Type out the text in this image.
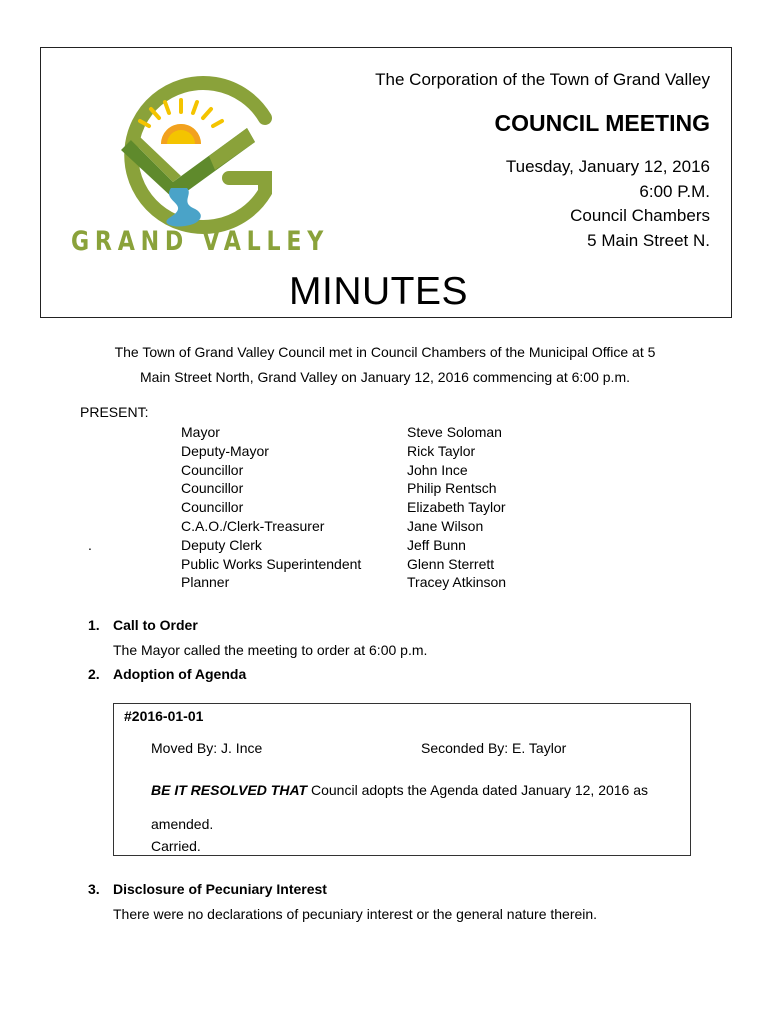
GRAND VALLEY
The Corporation of the Town of Grand Valley
COUNCIL MEETING
Tuesday, January 12, 2016
6:00 P.M.
Council Chambers
5 Main Street N.
MINUTES
The Town of Grand Valley Council met in Council Chambers of the Municipal Office at 5
Main Street North, Grand Valley on January 12, 2016 commencing at 6:00 p.m.
PRESENT:
.
Mayor	Steve Soloman
Deputy-Mayor	Rick Taylor
Councillor	John Ince
Councillor	Philip Rentsch
Councillor	Elizabeth Taylor
C.A.O./Clerk-Treasurer	Jane Wilson
Deputy Clerk	Jeff Bunn
Public Works Superintendent	Glenn Sterrett
Planner	Tracey Atkinson
1. Call to Order
The Mayor called the meeting to order at 6:00 p.m.
2. Adoption of Agenda
#2016-01-01
Moved By: J. Ince	Seconded By: E. Taylor
BE IT RESOLVED THAT Council adopts the Agenda dated January 12, 2016 as amended.
Carried.
3. Disclosure of Pecuniary Interest
There were no declarations of pecuniary interest or the general nature therein.
